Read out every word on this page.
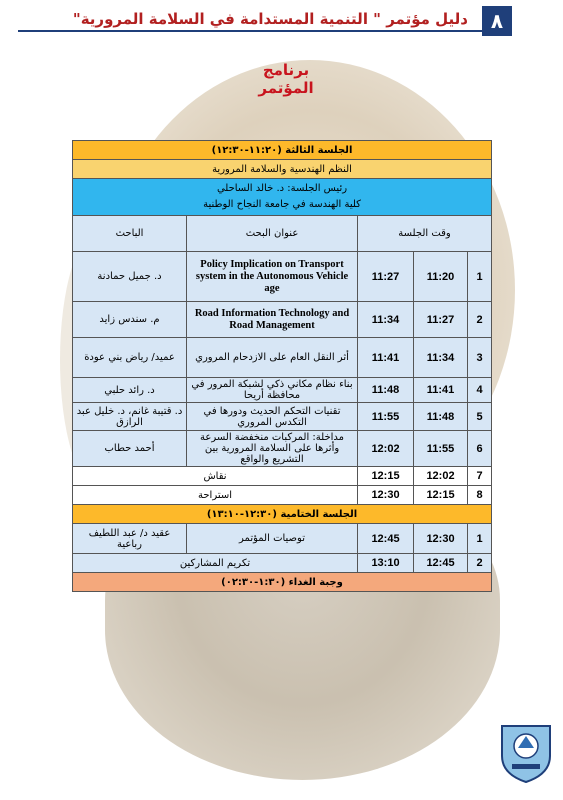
دليل مؤتمر " التنمية المستدامة في السلامة المرورية"	٨
برنامج المؤتمر
الجلسة الثالثة (١١:٢٠-١٢:٣٠)				
النظم الهندسية والسلامة المرورية				

رئيس الجلسة: د. خالد الساحلي
كلية الهندسة في جامعة النجاح الوطنية				

وقت الجلسة			عنوان البحث	الباحث
1	11:20	11:27	Policy Implication on Transport system in the Autonomous Vehicle age	د. جميل حمادنة
2	11:27	11:34	Road Information Technology and Road Management	م. سندس زايد
3	11:34	11:41	أثر النقل العام على الازدحام المروري	عميد/ رياض بني عودة
4	11:41	11:48	بناء نظام مكاني ذكي لشبكة المرور في محافظة أريحا	د. رائد حلبي
5	11:48	11:55	تقنيات التحكم الحديث ودورها في التكدس المروري	د. قتيبة غانم، د. خليل عبد الرازق
6	11:55	12:02	مداخلة: المركبات منخفضة السرعة وأثرها على السلامة المرورية بين التشريع والواقع	أحمد حطاب
7	12:02	12:15	نقاش	
8	12:15	12:30	استراحة	
الجلسة الختامية (١٢:٣٠-١٣:١٠)				
1	12:30	12:45	توصيات المؤتمر	عقيد د/ عبد اللطيف رباعية
2	12:45	13:10	تكريم المشاركين	
وجبة الغداء (١:٣٠-٠٢:٣٠)				
